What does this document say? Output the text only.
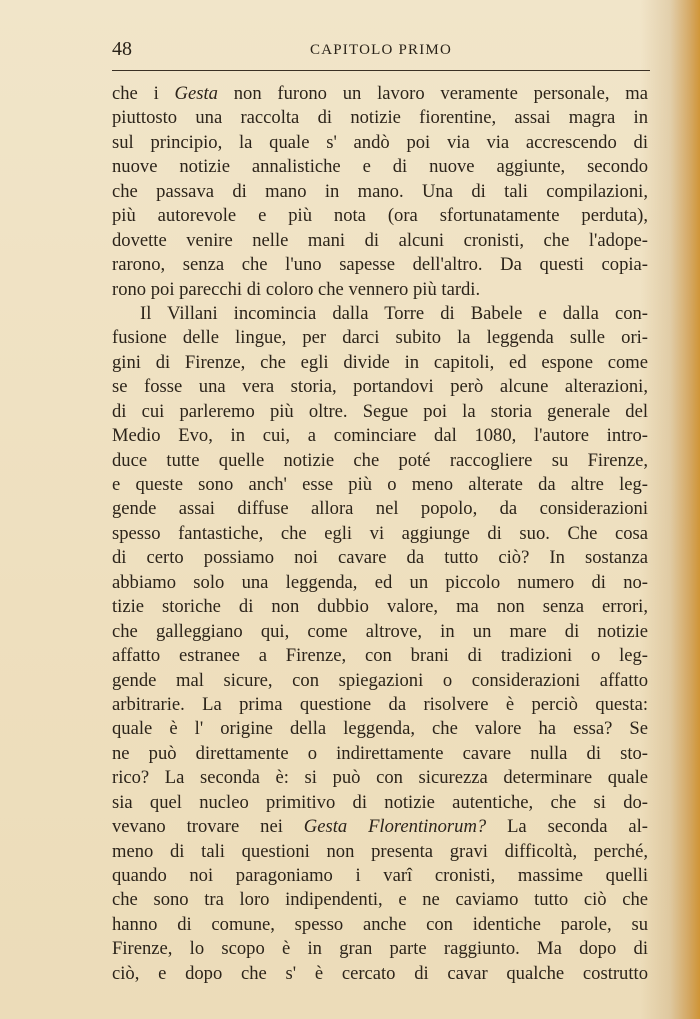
48	CAPITOLO PRIMO
che i Gesta non furono un lavoro veramente personale, ma
piuttosto una raccolta di notizie fiorentine, assai magra in
sul principio, la quale s' andò poi via via accrescendo di
nuove notizie annalistiche e di nuove aggiunte, secondo
che passava di mano in mano. Una di tali compilazioni,
più autorevole e più nota (ora sfortunatamente perduta),
dovette venire nelle mani di alcuni cronisti, che l'adope-
rarono, senza che l'uno sapesse dell'altro. Da questi copia-
rono poi parecchi di coloro che vennero più tardi.
Il Villani incomincia dalla Torre di Babele e dalla con-
fusione delle lingue, per darci subito la leggenda sulle ori-
gini di Firenze, che egli divide in capitoli, ed espone come
se fosse una vera storia, portandovi però alcune alterazioni,
di cui parleremo più oltre. Segue poi la storia generale del
Medio Evo, in cui, a cominciare dal 1080, l'autore intro-
duce tutte quelle notizie che poté raccogliere su Firenze,
e queste sono anch' esse più o meno alterate da altre leg-
gende assai diffuse allora nel popolo, da considerazioni
spesso fantastiche, che egli vi aggiunge di suo. Che cosa
di certo possiamo noi cavare da tutto ciò? In sostanza
abbiamo solo una leggenda, ed un piccolo numero di no-
tizie storiche di non dubbio valore, ma non senza errori,
che galleggiano qui, come altrove, in un mare di notizie
affatto estranee a Firenze, con brani di tradizioni o leg-
gende mal sicure, con spiegazioni o considerazioni affatto
arbitrarie. La prima questione da risolvere è perciò questa:
quale è l' origine della leggenda, che valore ha essa? Se
ne può direttamente o indirettamente cavare nulla di sto-
rico? La seconda è: si può con sicurezza determinare quale
sia quel nucleo primitivo di notizie autentiche, che si do-
vevano trovare nei Gesta Florentinorum? La seconda al-
meno di tali questioni non presenta gravi difficoltà, perché,
quando noi paragoniamo i varî cronisti, massime quelli
che sono tra loro indipendenti, e ne caviamo tutto ciò che
hanno di comune, spesso anche con identiche parole, su
Firenze, lo scopo è in gran parte raggiunto. Ma dopo di
ciò, e dopo che s' è cercato di cavar qualche costrutto
